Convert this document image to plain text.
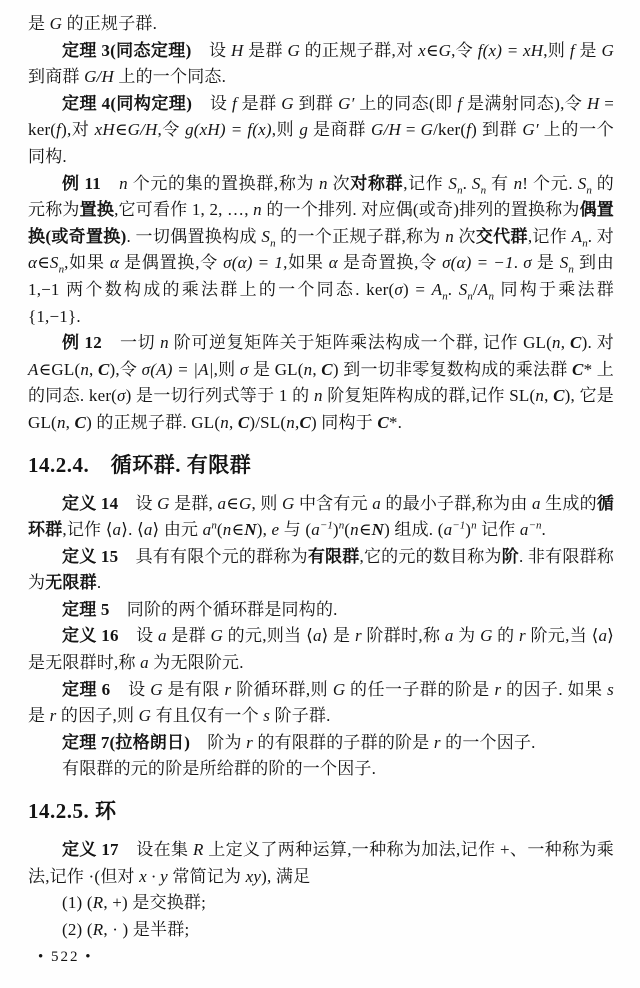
是 G 的正规子群.
定理 3(同态定理)　设 H 是群 G 的正规子群,对 x∈G,令 f(x) = xH,则 f 是 G 到商群 G/H 上的一个同态.
定理 4(同构定理)　设 f 是群 G 到群 G′ 上的同态(即 f 是满射同态),令 H = ker(f),对 xH∈G/H,令 g(xH) = f(x),则 g 是商群 G/H = G/ker(f) 到群 G′ 上的一个同构.
例 11　 n 个元的集的置换群,称为 n 次对称群,记作 $S_n$. $S_n$ 有 n! 个元. $S_n$ 的元称为置换,它可看作 1, 2, …, n 的一个排列. 对应偶(或奇)排列的置换称为偶置换(或奇置换). 一切偶置换构成 $S_n$ 的一个正规子群,称为 n 次交代群,记作 $A_n$. 对 $\alpha\in S_n$,如果 α 是偶置换,令 σ(α) = 1,如果 α 是奇置换,令 σ(α) = −1. σ 是 $S_n$ 到由 1,−1 两个数构成的乘法群上的一个同态. $ker(\sigma) = A_n$. $S_n/A_n$ 同构于乘法群 {1,−1}.
例 12　一切 n 阶可逆复矩阵关于矩阵乘法构成一个群, 记作 GL(n, C). 对 A∈GL(n, C),令 σ(A) = |A|,则 σ 是 GL(n, C) 到一切非零复数构成的乘法群 C* 上的同态. ker(σ) 是一切行列式等于 1 的 n 阶复矩阵构成的群,记作 SL(n, C), 它是 GL(n, C) 的正规子群. GL(n, C)/SL(n,C) 同构于 C*.
14.2.4.　循环群. 有限群
定义 14　设 G 是群, a∈G, 则 G 中含有元 a 的最小子群,称为由 a 生成的循环群,记作 ⟨a⟩. ⟨a⟩ 由元 $a^n(n\in N)$, e 与 $(a^{-1})^n(n\in N)$ 组成. $(a^{-1})^n$ 记作 $a^{-n}$.
定义 15　具有有限个元的群称为有限群,它的元的数目称为阶. 非有限群称为无限群.
定理 5　同阶的两个循环群是同构的.
定义 16　设 a 是群 G 的元,则当 ⟨a⟩ 是 r 阶群时,称 a 为 G 的 r 阶元,当 ⟨a⟩ 是无限群时,称 a 为无限阶元.
定理 6　设 G 是有限 r 阶循环群,则 G 的任一子群的阶是 r 的因子. 如果 s 是 r 的因子,则 G 有且仅有一个 s 阶子群.
定理 7(拉格朗日)　阶为 r 的有限群的子群的阶是 r 的一个因子.
有限群的元的阶是所给群的阶的一个因子.
14.2.5. 环
定义 17　设在集 R 上定义了两种运算,一种称为加法,记作 +、一种称为乘法,记作 ·(但对 x · y 常简记为 xy), 满足
(1) (R, +) 是交换群;
(2) (R, · ) 是半群;
• 522 •
